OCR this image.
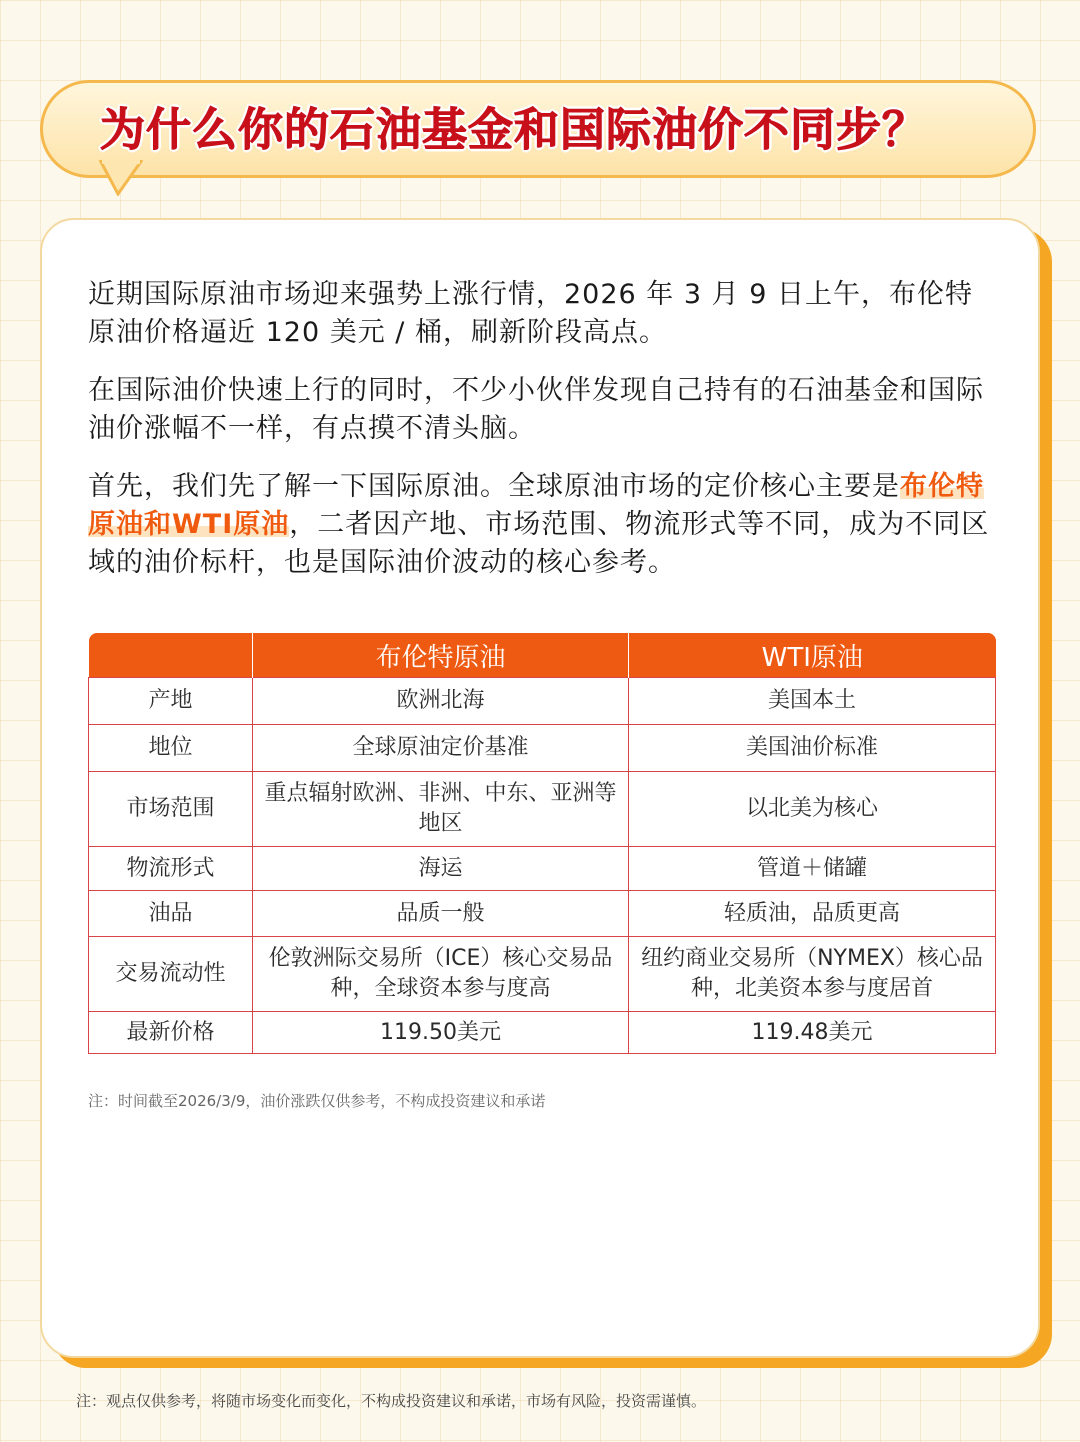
为什么你的石油基金和国际油价不同步？

近期国际原油市场迎来强势上涨行情，2026 年 3 月 9 日上午，布伦特原油价格逼近 120 美元 / 桶，刷新阶段高点。

在国际油价快速上行的同时，不少小伙伴发现自己持有的石油基金和国际油价涨幅不一样，有点摸不清头脑。

首先，我们先了解一下国际原油。全球原油市场的定价核心主要是布伦特原油和WTI原油，二者因产地、市场范围、物流形式等不同，成为不同区域的油价标杆，也是国际油价波动的核心参考。

	布伦特原油	WTI原油
产地	欧洲北海	美国本土
地位	全球原油定价基准	美国油价标准
市场范围	重点辐射欧洲、非洲、中东、亚洲等地区	以北美为核心
物流形式	海运	管道＋储罐
油品	品质一般	轻质油，品质更高
交易流动性	伦敦洲际交易所（ICE）核心交易品种，全球资本参与度高	纽约商业交易所（NYMEX）核心品种，北美资本参与度居首
最新价格	119.50美元	119.48美元

注：时间截至2026/3/9，油价涨跌仅供参考，不构成投资建议和承诺

注：观点仅供参考，将随市场变化而变化，不构成投资建议和承诺，市场有风险，投资需谨慎。
